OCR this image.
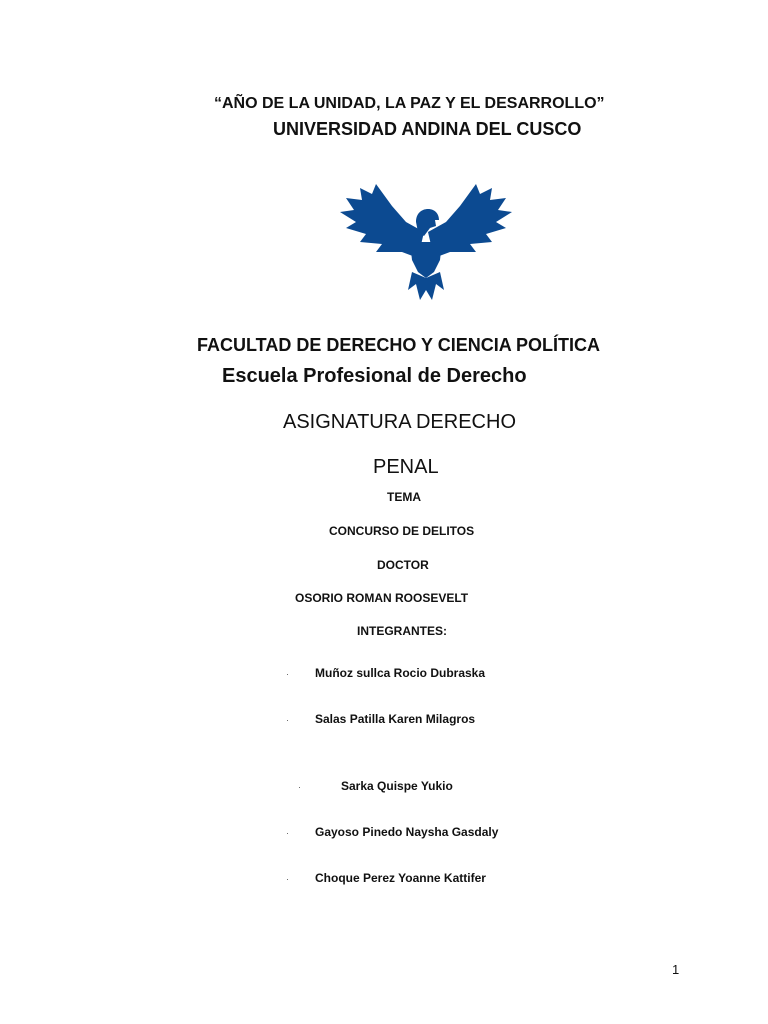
“AÑO DE LA UNIDAD, LA PAZ Y EL DESARROLLO”
UNIVERSIDAD ANDINA DEL CUSCO
FACULTAD DE DERECHO Y CIENCIA POLÍTICA
Escuela Profesional de Derecho
ASIGNATURA DERECHO
PENAL
TEMA
CONCURSO DE DELITOS
DOCTOR
OSORIO ROMAN ROOSEVELT
INTEGRANTES:
· Muñoz sullca Rocio Dubraska
· Salas Patilla Karen Milagros
·	Sarka Quispe Yukio
· Gayoso Pinedo Naysha Gasdaly
· Choque Perez Yoanne Kattifer
1
